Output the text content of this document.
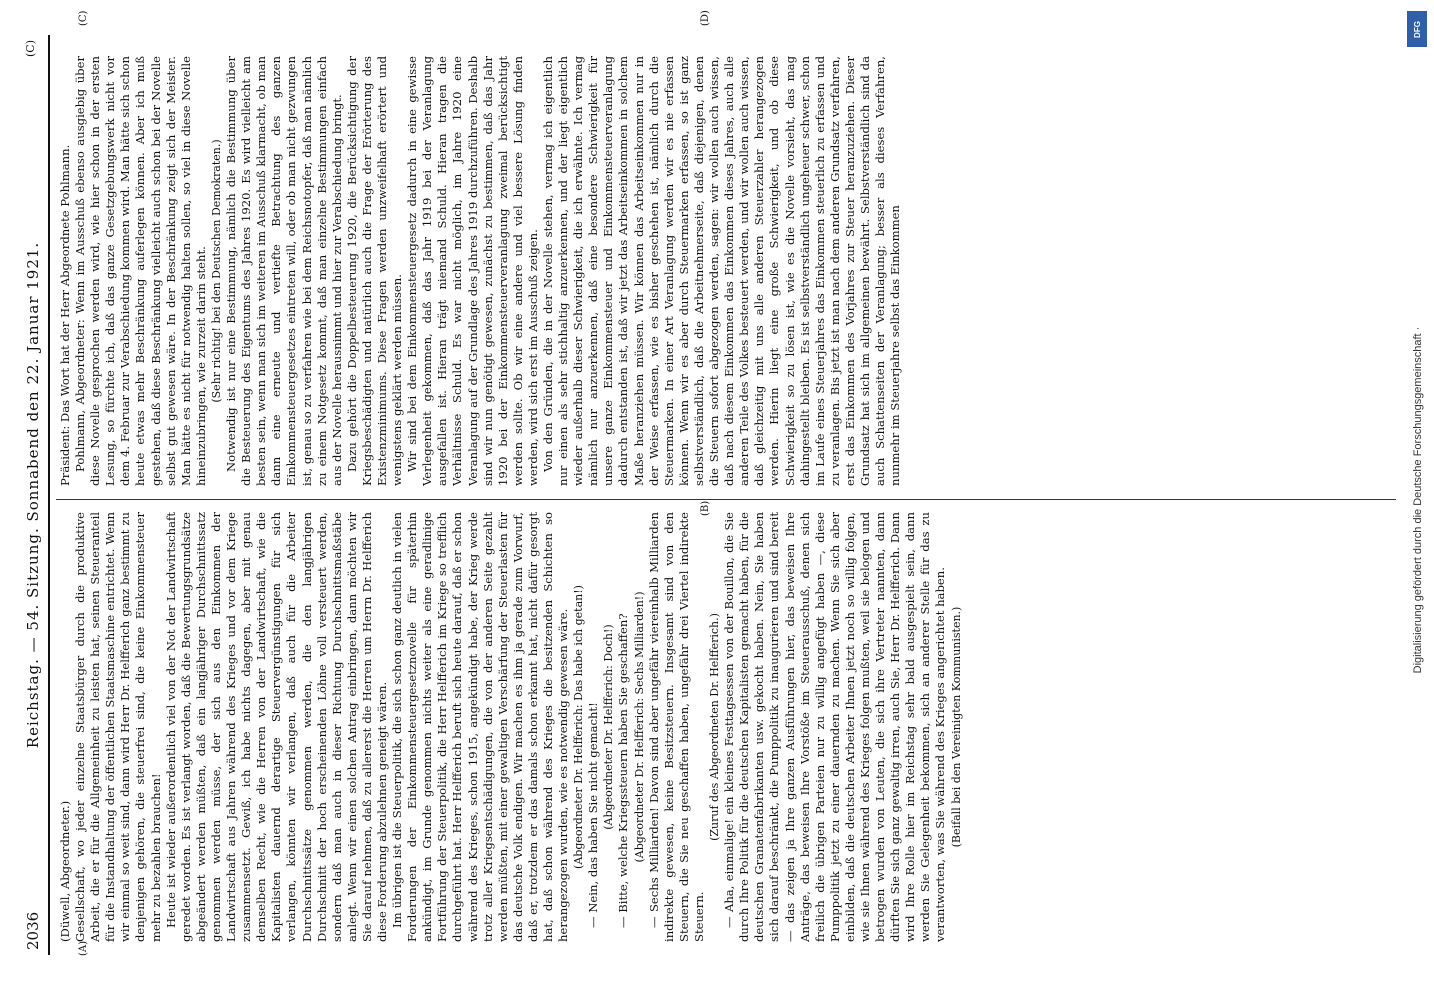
2036
Reichstag. — 54. Sitzung. Sonnabend den 22. Januar 1921.
(C)
(A)
(B)
(C)	(D)

(Düwell, Abgeordneter.) Gesellschaft, wo jeder einzelne Staatsbürger durch die produktive Arbeit, die er für die Allgemeinheit zu leisten hat, seinen Steueranteil für die Instandhaltung der öffentlichen Staatsmaschine entrichtet. Wenn wir einmal so weit sind, dann wird Herr Dr. Helfferich ganz bestimmt zu denjenigen gehören, die steuerfrei sind, die keine Einkommensteuer mehr zu bezahlen brauchen! Heute ist wieder außerordentlich viel von der Not der Landwirtschaft geredet worden. Es ist verlangt worden, daß die Bewertungsgrundsätze abgeändert werden müßten, daß ein langjähriger Durchschnittssatz genommen werden müsse, der sich aus den Einkommen der Landwirtschaft aus Jahren während des Krieges und vor dem Kriege zusammensetzt. Gewiß, ich habe nichts dagegen, aber mit genau demselben Recht, wie die Herren von der Landwirtschaft, wie die Kapitalisten dauernd derartige Steuervergünstigungen für sich verlangen, könnten wir verlangen, daß auch für die Arbeiter Durchschnittssätze genommen werden, die den langjährigen Durchschnitt der hoch erscheinenden Löhne voll versteuert werden, sondern daß man auch in dieser Richtung Durchschnittsmaßstäbe anlegt. Wenn wir einen solchen Antrag einbringen, dann möchten wir Sie darauf nehmen, daß zu allererst die Herren um Herrn Dr. Helfferich diese Forderung abzulehnen geneigt wären. Im übrigen ist die Steuerpolitik, die sich schon ganz deutlich in vielen Forderungen der Einkommensteuergesetznovelle für späterhin ankündigt, im Grunde genommen nichts weiter als eine geradlinige Fortführung der Steuerpolitik, die Herr Helfferich im Kriege so trefflich durchgeführt hat. Herr Helfferich beruft sich heute darauf, daß er schon während des Krieges, schon 1915, angekündigt habe, der Krieg werde trotz aller Kriegsentschädigungen, die von der anderen Seite gezahlt werden müßten, mit einer gewaltigen Verschärfung der Steuerlasten für das deutsche Volk endigen. Wir machen es ihm ja gerade zum Vorwurf, daß er, trotzdem er das damals schon erkannt hat, nicht dafür gesorgt hat, daß schon während des Krieges die besitzenden Schichten so herangezogen wurden, wie es notwendig gewesen wäre. (Abgeordneter Dr. Helfferich: Das habe ich getan!) — Nein, das haben Sie nicht gemacht! (Abgeordneter Dr. Helfferich: Doch!) — Bitte, welche Kriegssteuern haben Sie geschaffen? (Abgeordneter Dr. Helfferich: Sechs Milliarden!) — Sechs Milliarden! Davon sind aber ungefähr viereinhalb Milliarden indirekte gewesen, keine Besitzsteuern. Insgesamt sind von den Steuern, die Sie neu geschaffen haben, ungefähr drei Viertel indirekte Steuern.

(Zuruf des Abgeordneten Dr. Helfferich.) — Aha, einmalige! ein kleines Festtagsessen von der Bouillon, die Sie durch Ihre Politik für die deutschen Kapitalisten gemacht haben, für die deutschen Granatenfabrikanten usw. gekocht haben. Nein, Sie haben sich darauf beschränkt, die Pumppolitik zu inaugurieren und sind bereit — das zeigen ja Ihre ganzen Ausführungen hier, das beweisen Ihre Anträge, das beweisen Ihre Vorstöße im Steuerausschuß, denen sich freilich die übrigen Parteien nur zu willig angefügt haben —, diese Pumppolitik jetzt zu einer dauernden zu machen. Wenn Sie sich aber einbilden, daß die deutschen Arbeiter Ihnen jetzt noch so willig folgen, wie sie Ihnen während des Krieges folgen mußten, weil sie belogen und betrogen wurden von Leuten, die sich ihre Vertreter nannten, dann dürften Sie sich ganz gewaltig irren, auch Sie, Herr Dr. Helfferich. Dann wird Ihre Rolle hier im Reichstag sehr bald ausgespielt sein, dann werden Sie Gelegenheit bekommen, sich an anderer Stelle für das zu verantworten, was Sie während des Krieges angerichtet haben. (Beifall bei den Vereinigten Kommunisten.)

Präsident: Das Wort hat der Herr Abgeordnete Pohlmann. Pohlmann, Abgeordneter: Wenn im Ausschuß ebenso ausgiebig über diese Novelle gesprochen werden wird, wie hier schon in der ersten Lesung, so fürchte ich, daß das ganze Gesetzgebungswerk nicht vor dem 4. Februar zur Verabschiedung kommen wird. Man hätte sich schon heute etwas mehr Beschränkung auferlegen können. Aber ich muß gestehen, daß diese Beschränkung vielleicht auch schon bei der Novelle selbst gut gewesen wäre. In der Beschränkung zeigt sich der Meister. Man hätte es nicht für notwendig halten sollen, so viel in diese Novelle hineinzubringen, wie zurzeit darin steht. (Sehr richtig! bei den Deutschen Demokraten.) Notwendig ist nur eine Bestimmung, nämlich die Bestimmung über die Besteuerung des Eigentums des Jahres 1920. Es wird vielleicht am besten sein, wenn man sich im weiteren im Ausschuß klarmacht, ob man dann eine erneute und vertiefte Betrachtung des ganzen Einkommensteuergesetzes eintreten will, oder ob man nicht gezwungen ist, genau so zu verfahren wie bei dem Reichsnotopfer, daß man nämlich zu einem Notgesetz kommt, daß man einzelne Bestimmungen einfach aus der Novelle herausnimmt und hier zur Verabschiedung bringt. Dazu gehört die Doppelbesteuerung 1920, die Berücksichtigung der Kriegsbeschädigten und natürlich auch die Frage der Erörterung des Existenzminimums. Diese Fragen werden unzweifelhaft erörtert und wenigstens geklärt werden müssen. Wir sind bei dem Einkommensteuergesetz dadurch in eine gewisse Verlegenheit gekommen, daß das Jahr 1919 bei der Veranlagung ausgefallen ist. Hieran trägt niemand Schuld. Hieran tragen die Verhältnisse Schuld. Es war nicht möglich, im Jahre 1920 eine Veranlagung auf der Grundlage des Jahres 1919 durchzuführen. Deshalb sind wir nun genötigt gewesen, zunächst zu bestimmen, daß das Jahr 1920 bei der Einkommensteuerveranlagung zweimal berücksichtigt werden sollte. Ob wir eine andere und viel bessere Lösung finden werden, wird sich erst im Ausschuß zeigen. Von den Gründen, die in der Novelle stehen, vermag ich eigentlich nur einen als sehr stichhaltig anzuerkennen, und der liegt eigentlich wieder außerhalb dieser Schwierigkeit, die ich erwähnte. Ich vermag nämlich nur anzuerkennen, daß eine besondere Schwierigkeit für unsere ganze Einkommensteuer und Einkommensteuerveranlagung dadurch entstanden ist, daß wir jetzt das Arbeitseinkommen in solchem Maße heranziehen müssen. Wir können das Arbeitseinkommen nur in der Weise erfassen, wie es bisher geschehen ist, nämlich durch die Steuermarken. In einer Art Veranlagung werden wir es nie erfassen können. Wenn wir es aber durch Steuermarken erfassen, so ist ganz selbstverständlich, daß die Arbeitnehmerseite, daß diejenigen, denen die Steuern sofort abgezogen werden, sagen: wir wollen auch wissen, daß nach diesem Einkommen das Einkommen dieses Jahres, auch alle anderen Teile des Volkes besteuert werden, und wir wollen auch wissen, daß gleichzeitig mit uns alle anderen Steuerzahler herangezogen werden. Hierin liegt eine große Schwierigkeit, und ob diese Schwierigkeit so zu lösen ist, wie es die Novelle vorsieht, das mag dahingestellt bleiben. Es ist selbstverständlich ungeheuer schwer, schon im Laufe eines Steuerjahres das Einkommen steuerlich zu erfassen und zu veranlagen. Bis jetzt ist man nach dem anderen Grundsatz verfahren, erst das Einkommen des Vorjahres zur Steuer heranzuziehen. Dieser Grundsatz hat sich im allgemeinen bewährt. Selbstverständlich sind da auch Schattenseiten der Veranlagung; besser als dieses Verfahren, nunmehr im Steuerjahre selbst das Einkommen	Digitalisierung gefördert durch die Deutsche Forschungsgemeinschaft ·
DFG
